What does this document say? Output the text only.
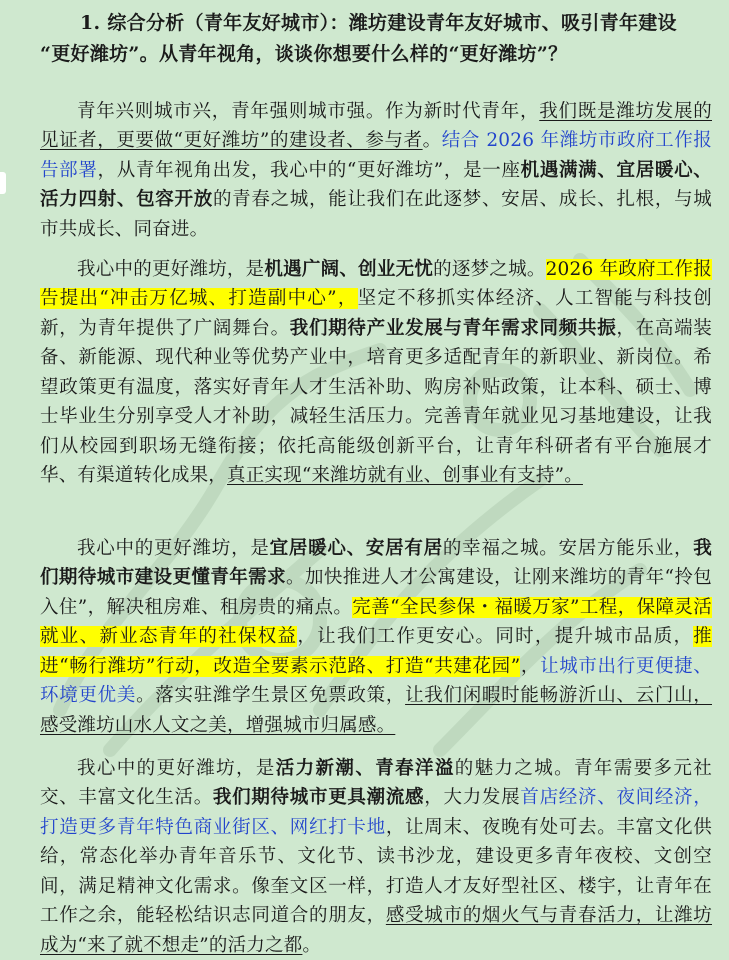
1. 综合分析（青年友好城市）：潍坊建设青年友好城市、吸引青年建设
“更好潍坊”。从青年视角，谈谈你想要什么样的“更好潍坊”？

青年兴则城市兴，青年强则城市强。作为新时代青年，我们既是潍坊发展的见证者，更要做“更好潍坊”的建设者、参与者。结合 2026 年潍坊市政府工作报告部署，从青年视角出发，我心中的“更好潍坊”，是一座机遇满满、宜居暖心、活力四射、包容开放的青春之城，能让我们在此逐梦、安居、成长、扎根，与城市共成长、同奋进。

我心中的更好潍坊，是机遇广阔、创业无忧的逐梦之城。2026 年政府工作报告提出“冲击万亿城、打造副中心”，坚定不移抓实体经济、人工智能与科技创新，为青年提供了广阔舞台。我们期待产业发展与青年需求同频共振，在高端装备、新能源、现代种业等优势产业中，培育更多适配青年的新职业、新岗位。希望政策更有温度，落实好青年人才生活补助、购房补贴政策，让本科、硕士、博士毕业生分别享受人才补助，减轻生活压力。完善青年就业见习基地建设，让我们从校园到职场无缝衔接；依托高能级创新平台，让青年科研者有平台施展才华、有渠道转化成果，真正实现“来潍坊就有业、创事业有支持”。

我心中的更好潍坊，是宜居暖心、安居有居的幸福之城。安居方能乐业，我们期待城市建设更懂青年需求。加快推进人才公寓建设，让刚来潍坊的青年“拎包入住”，解决租房难、租房贵的痛点。完善“全民参保・福暖万家”工程，保障灵活就业、新业态青年的社保权益，让我们工作更安心。同时，提升城市品质，推进“畅行潍坊”行动，改造全要素示范路、打造“共建花园”，让城市出行更便捷、环境更优美。落实驻潍学生景区免票政策，让我们闲暇时能畅游沂山、云门山，感受潍坊山水人文之美，增强城市归属感。

我心中的更好潍坊，是活力新潮、青春洋溢的魅力之城。青年需要多元社交、丰富文化生活。我们期待城市更具潮流感，大力发展首店经济、夜间经济，打造更多青年特色商业街区、网红打卡地，让周末、夜晚有处可去。丰富文化供给，常态化举办青年音乐节、文化节、读书沙龙，建设更多青年夜校、文创空间，满足精神文化需求。像奎文区一样，打造人才友好型社区、楼宇，让青年在工作之余，能轻松结识志同道合的朋友，感受城市的烟火气与青春活力，让潍坊成为“来了就不想走”的活力之都。
